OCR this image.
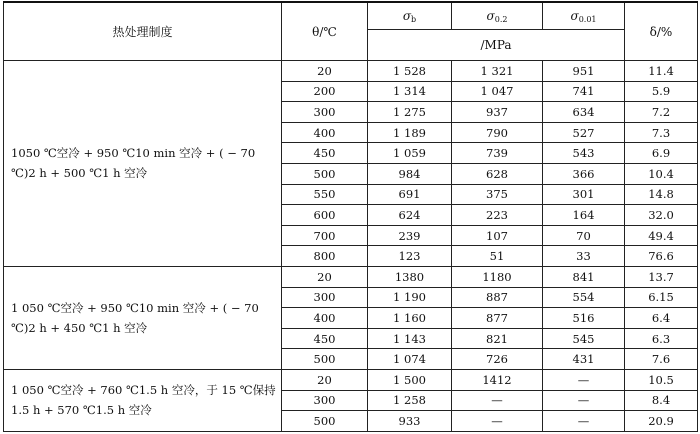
热处理制度	θ/℃	$\sigma_b$	$\sigma_{0.2}$	$\sigma_{0.01}$	δ/%
		/MPa			
1050 ℃空冷 + 950 ℃10 min 空冷 + ( − 70 ℃)2 h + 500 ℃1 h 空冷	20	1 528	1 321	951	11.4
	200	1 314	1 047	741	5.9
	300	1 275	937	634	7.2
	400	1 189	790	527	7.3
	450	1 059	739	543	6.9
	500	984	628	366	10.4
	550	691	375	301	14.8
	600	624	223	164	32.0
	700	239	107	70	49.4
	800	123	51	33	76.6
1 050 ℃空冷 + 950 ℃10 min 空冷 + ( − 70 ℃)2 h + 450 ℃1 h 空冷	20	1380	1180	841	13.7
	300	1 190	887	554	6.15
	400	1 160	877	516	6.4
	450	1 143	821	545	6.3
	500	1 074	726	431	7.6
1 050 ℃空冷 + 760 ℃1.5 h 空冷，于 15 ℃保持 1.5 h + 570 ℃1.5 h 空冷	20	1 500	1412	—	10.5
	300	1 258	—	—	8.4
	500	933	—	—	20.9
